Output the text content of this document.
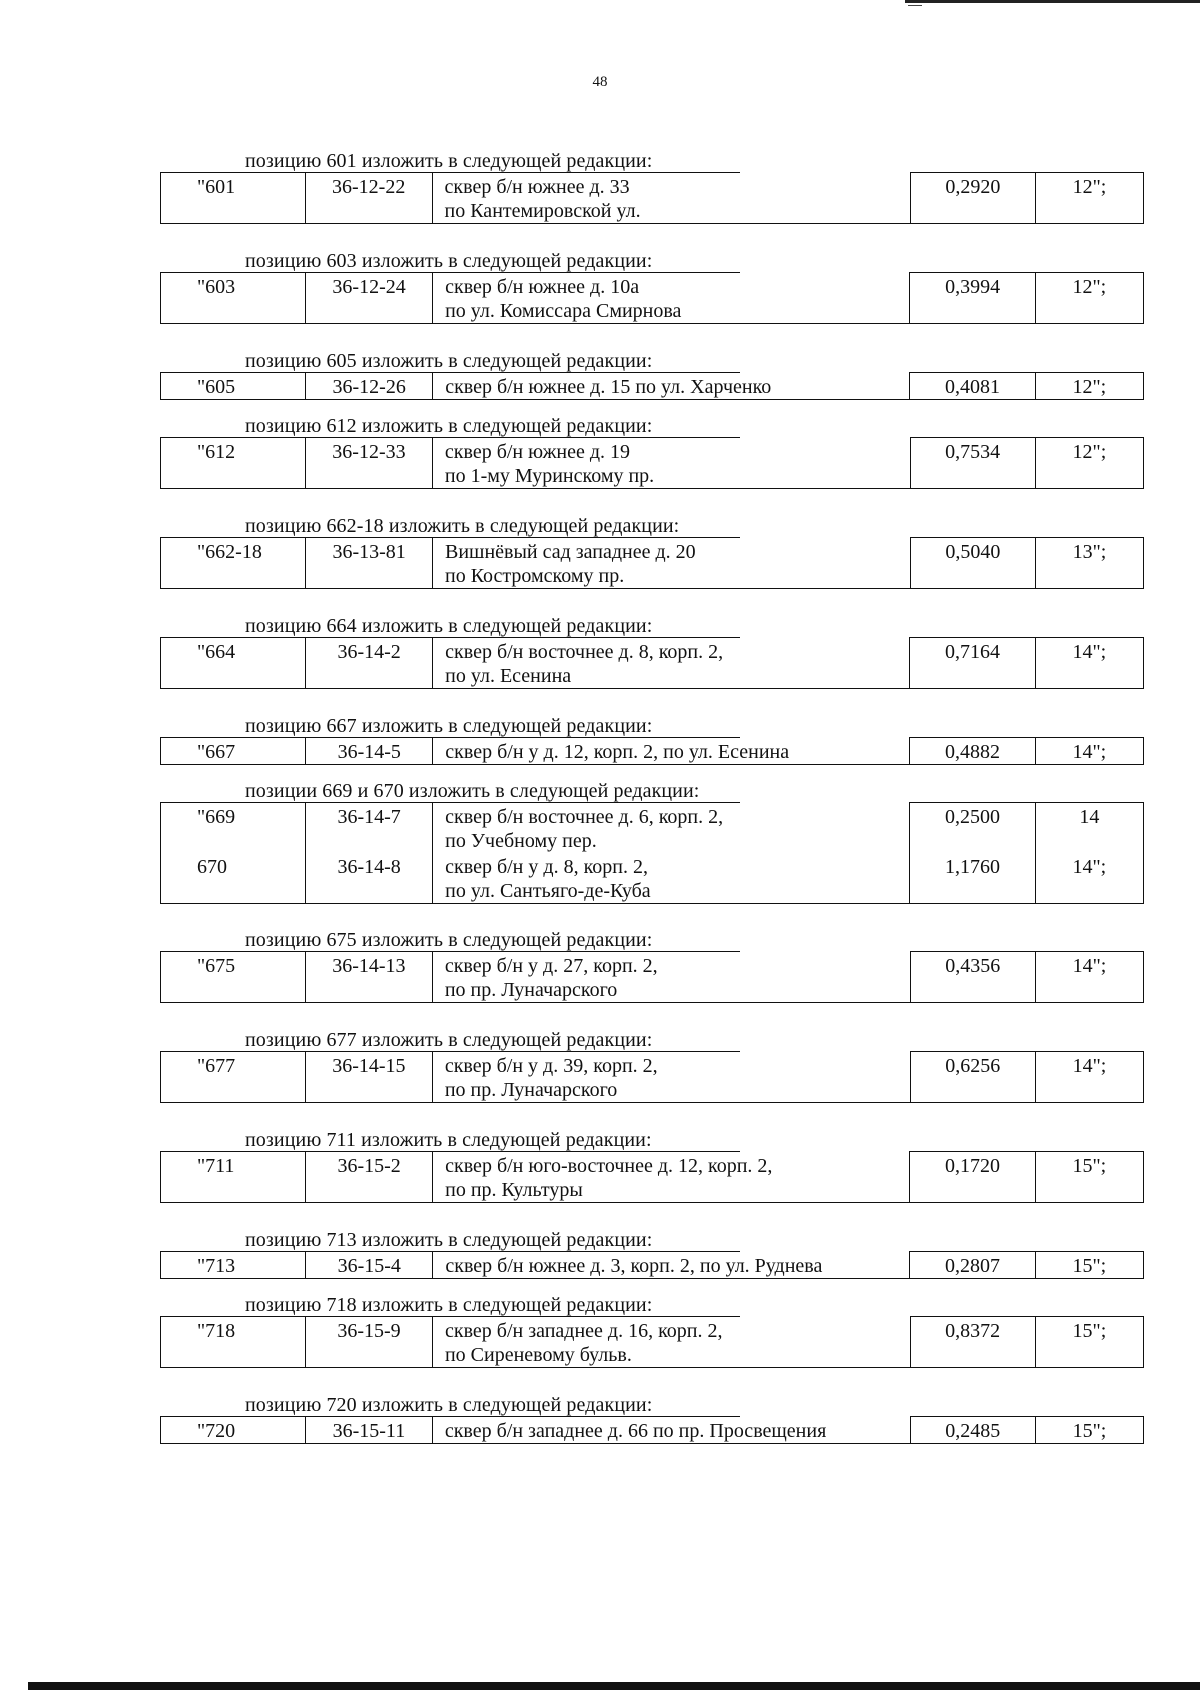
48
позицию 601 изложить в следующей редакции:
"601	36-12-22	сквер б/н южнее д. 33
по Кантемировской ул.
	0,2920	12";
позицию 603 изложить в следующей редакции:
"603	36-12-24	сквер б/н южнее д. 10а
по ул. Комиссара Смирнова
	0,3994	12";
позицию 605 изложить в следующей редакции:
"605	36-12-26	сквер б/н южнее д. 15 по ул. Харченко	0,4081	12";
позицию 612 изложить в следующей редакции:
"612	36-12-33	сквер б/н южнее д. 19
по 1-му Муринскому пр.
	0,7534	12";
позицию 662-18 изложить в следующей редакции:
"662-18	36-13-81	Вишнёвый сад западнее д. 20
по Костромскому пр.
	0,5040	13";
позицию 664 изложить в следующей редакции:
"664	36-14-2	сквер б/н восточнее д. 8, корп. 2,
по ул. Есенина
	0,7164	14";
позицию 667 изложить в следующей редакции:
"667	36-14-5	сквер б/н у д. 12, корп. 2, по ул. Есенина	0,4882	14";
позиции 669 и 670 изложить в следующей редакции:
"669	36-14-7	сквер б/н восточнее д. 6, корп. 2,
по Учебному пер.	0,2500	14
670	36-14-8	сквер б/н у д. 8, корп. 2,
по ул. Сантьяго-де-Куба	1,1760	14";
позицию 675 изложить в следующей редакции:
"675	36-14-13	сквер б/н у д. 27, корп. 2,
по пр. Луначарского
	0,4356	14";
позицию 677 изложить в следующей редакции:
"677	36-14-15	сквер б/н у д. 39, корп. 2,
по пр. Луначарского
	0,6256	14";
позицию 711 изложить в следующей редакции:
"711	36-15-2	сквер б/н юго-восточнее д. 12, корп. 2,
по пр. Культуры
	0,1720	15";
позицию 713 изложить в следующей редакции:
"713	36-15-4	сквер б/н южнее д. 3, корп. 2, по ул. Руднева	0,2807	15";
позицию 718 изложить в следующей редакции:
"718	36-15-9	сквер б/н западнее д. 16, корп. 2,
по Сиреневому бульв.
	0,8372	15";
позицию 720 изложить в следующей редакции:
"720	36-15-11	сквер б/н западнее д. 66 по пр. Просвещения	0,2485	15";
